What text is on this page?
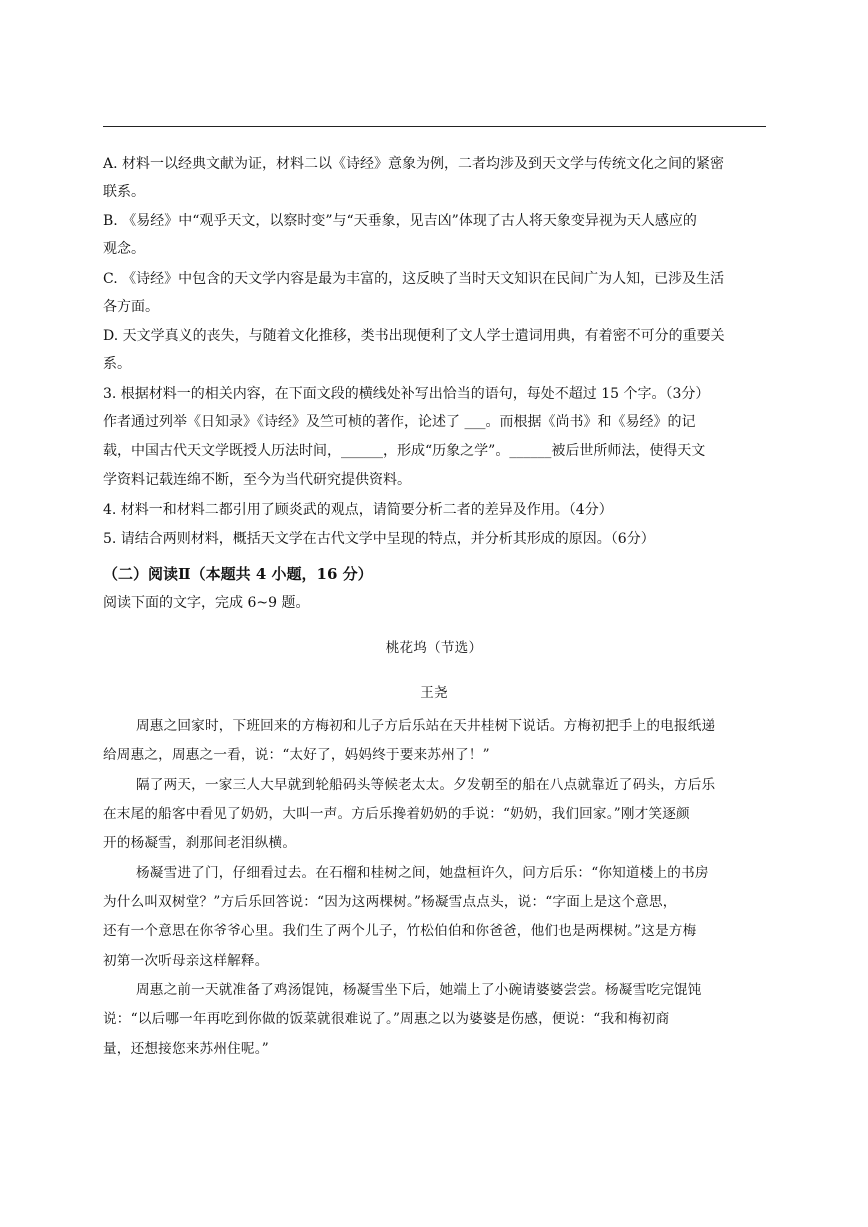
A. 材料一以经典文献为证，材料二以《诗经》意象为例，二者均涉及到天文学与传统文化之间的紧密
联系。
B. 《易经》中“观乎天文，以察时变”与“天垂象，见吉凶”体现了古人将天象变异视为天人感应的
观念。
C. 《诗经》中包含的天文学内容是最为丰富的，这反映了当时天文知识在民间广为人知，已涉及生活
各方面。
D. 天文学真义的丧失，与随着文化推移，类书出现便利了文人学士遣词用典，有着密不可分的重要关
系。
3. 根据材料一的相关内容，在下面文段的横线处补写出恰当的语句，每处不超过 15 个字。（3分）
作者通过列举《日知录》《诗经》及竺可桢的著作，论述了 ___。而根据《尚书》和《易经》的记
载，中国古代天文学既授人历法时间，______，形成“历象之学”。______被后世所师法，使得天文
学资料记载连绵不断，至今为当代研究提供资料。
4. 材料一和材料二都引用了顾炎武的观点，请简要分析二者的差异及作用。（4分）
5. 请结合两则材料，概括天文学在古代文学中呈现的特点，并分析其形成的原因。（6分）
（二）阅读Ⅱ（本题共 4 小题，16 分）
阅读下面的文字，完成 6~9 题。
桃花坞（节选）
王尧
周惠之回家时，下班回来的方梅初和儿子方后乐站在天井桂树下说话。方梅初把手上的电报纸递
给周惠之，周惠之一看，说：“太好了，妈妈终于要来苏州了！”
隔了两天，一家三人大早就到轮船码头等候老太太。夕发朝至的船在八点就靠近了码头，方后乐
在末尾的船客中看见了奶奶，大叫一声。方后乐搀着奶奶的手说：“奶奶，我们回家。”刚才笑逐颜
开的杨凝雪，刹那间老泪纵横。
杨凝雪进了门，仔细看过去。在石榴和桂树之间，她盘桓许久，问方后乐：“你知道楼上的书房
为什么叫双树堂？”方后乐回答说：“因为这两棵树。”杨凝雪点点头，说：“字面上是这个意思，
还有一个意思在你爷爷心里。我们生了两个儿子，竹松伯伯和你爸爸，他们也是两棵树。”这是方梅
初第一次听母亲这样解释。
周惠之前一天就准备了鸡汤馄饨，杨凝雪坐下后，她端上了小碗请婆婆尝尝。杨凝雪吃完馄饨
说：“以后哪一年再吃到你做的饭菜就很难说了。”周惠之以为婆婆是伤感，便说：“我和梅初商
量，还想接您来苏州住呢。”
